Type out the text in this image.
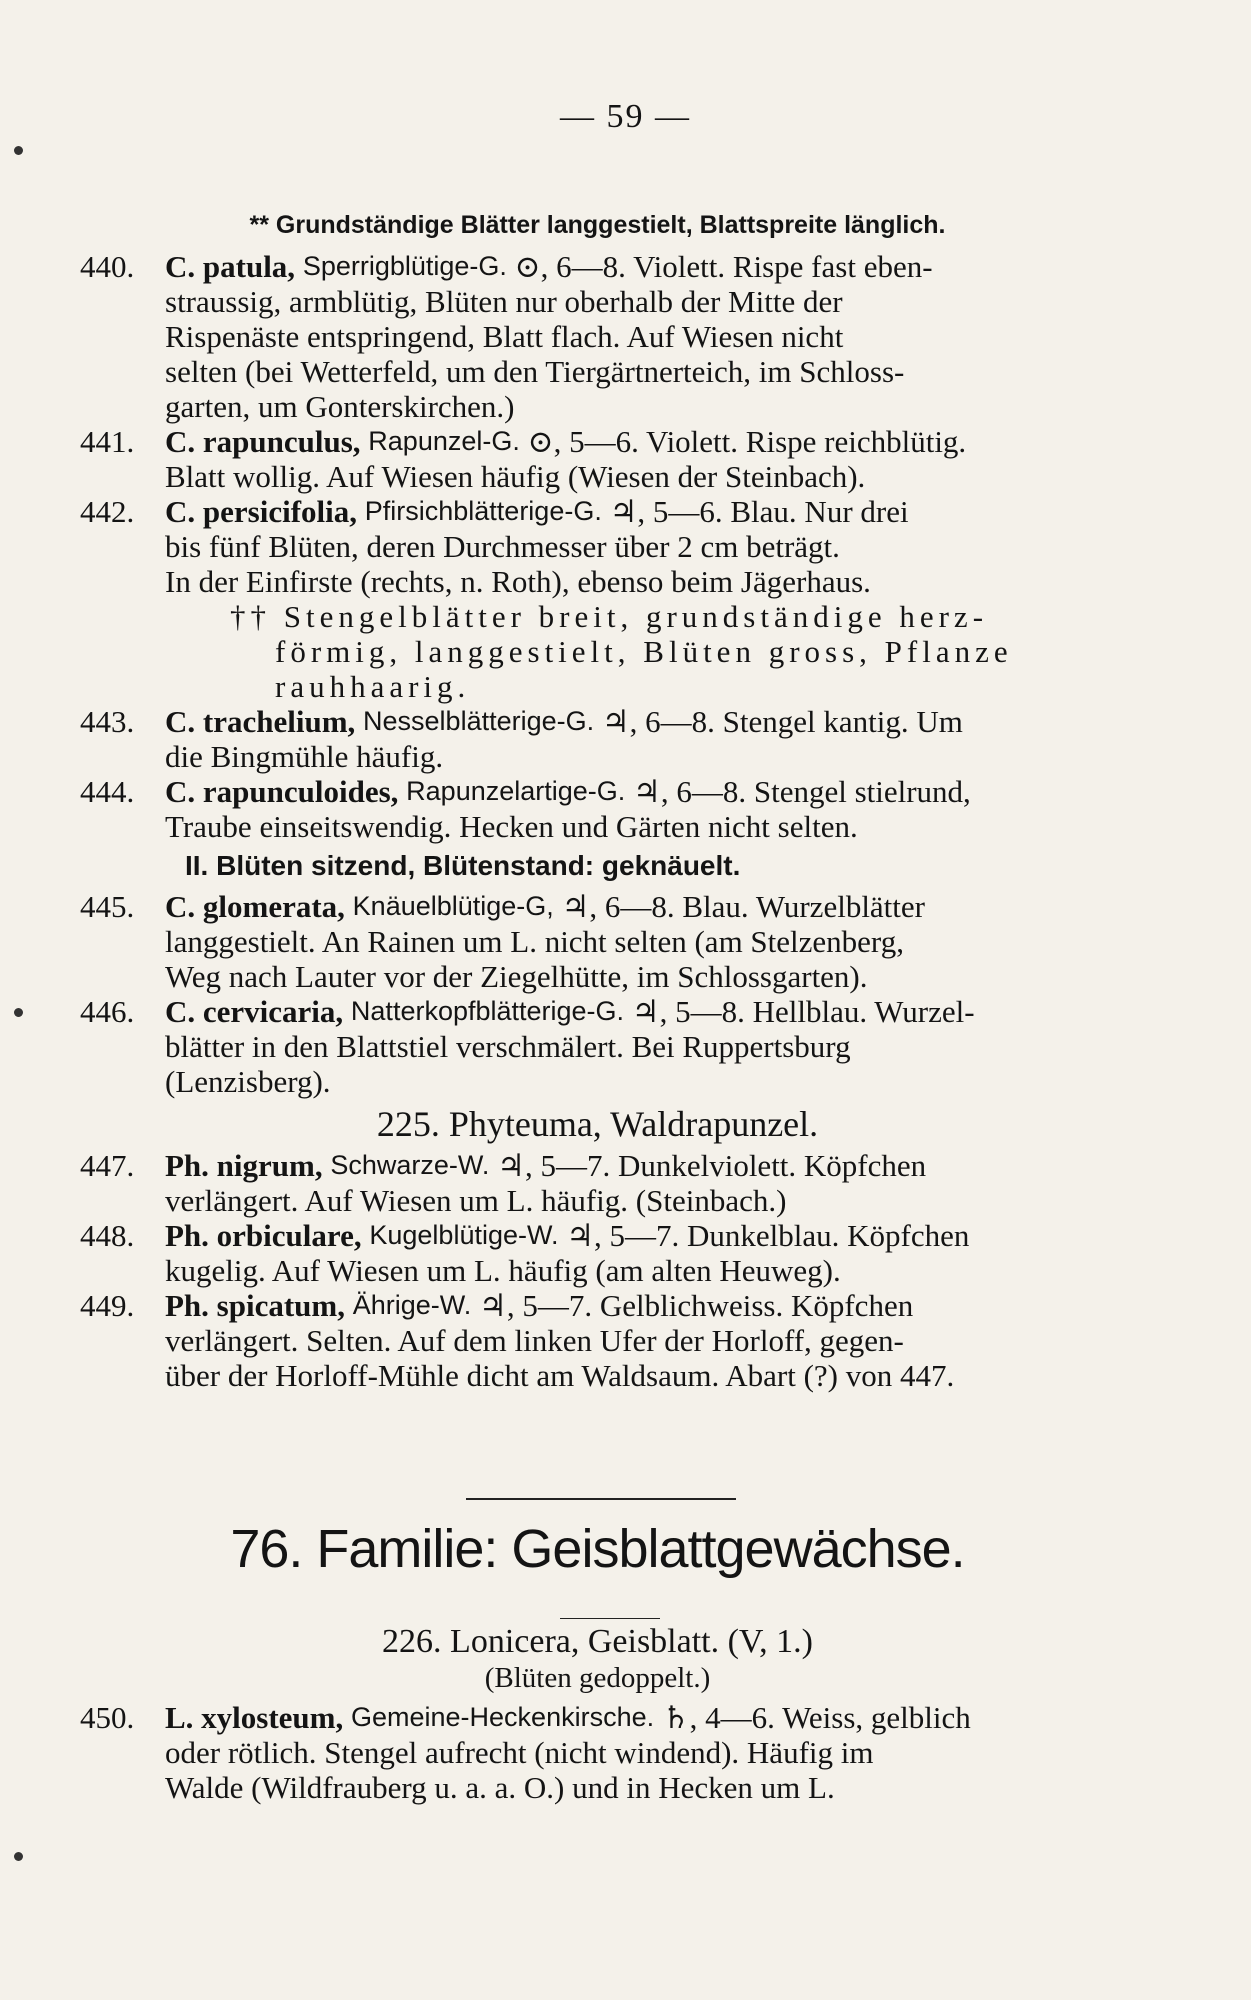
— 59 —
** Grundständige Blätter langgestielt, Blattspreite länglich.
440. C. patula,
Sperrigblütige-G. ⊙, 6—8. Violett. Rispe fast eben-
straussig, armblütig, Blüten nur oberhalb der Mitte der
Rispenäste entspringend, Blatt flach. Auf Wiesen nicht
selten (bei Wetterfeld, um den Tiergärtnerteich, im Schloss-
garten, um Gonterskirchen.)
441. C. rapunculus,
Rapunzel-G. ⊙, 5—6. Violett. Rispe reichblütig.
Blatt wollig. Auf Wiesen häufig (Wiesen der Steinbach).
442. C. persicifolia,
Pfirsichblätterige-G. ♃, 5—6. Blau. Nur drei
bis fünf Blüten, deren Durchmesser über 2 cm beträgt.
In der Einfirste (rechts, n. Roth), ebenso beim Jägerhaus.
†† Stengelblätter breit, grundständige herz-
förmig, langgestielt, Blüten gross, Pflanze
rauhhaarig.
443. C. trachelium,
Nesselblätterige-G. ♃, 6—8. Stengel kantig. Um
die Bingmühle häufig.
444. C. rapunculoides,
Rapunzelartige-G. ♃, 6—8. Stengel stielrund,
Traube einseitswendig. Hecken und Gärten nicht selten.
II. Blüten sitzend, Blütenstand: geknäuelt.
445. C. glomerata,
Knäuelblütige-G, ♃, 6—8. Blau. Wurzelblätter
langgestielt. An Rainen um L. nicht selten (am Stelzenberg,
Weg nach Lauter vor der Ziegelhütte, im Schlossgarten).
446. C. cervicaria,
Natterkopfblätterige-G. ♃, 5—8. Hellblau. Wurzel-
blätter in den Blattstiel verschmälert. Bei Ruppertsburg
(Lenzisberg).
225. Phyteuma, Waldrapunzel.
447. Ph. nigrum,
Schwarze-W. ♃, 5—7. Dunkelviolett. Köpfchen
verlängert. Auf Wiesen um L. häufig. (Steinbach.)
448. Ph. orbiculare,
Kugelblütige-W. ♃, 5—7. Dunkelblau. Köpfchen
kugelig. Auf Wiesen um L. häufig (am alten Heuweg).
449. Ph. spicatum,
Ährige-W. ♃, 5—7. Gelblichweiss. Köpfchen
verlängert. Selten. Auf dem linken Ufer der Horloff, gegen-
über der Horloff-Mühle dicht am Waldsaum. Abart (?) von 447.
76. Familie: Geisblattgewächse.
226. Lonicera, Geisblatt. (V, 1.)
(Blüten gedoppelt.)
450. L. xylosteum,
Gemeine-Heckenkirsche. ♄, 4—6. Weiss, gelblich
oder rötlich. Stengel aufrecht (nicht windend). Häufig im
Walde (Wildfrauberg u. a. a. O.) und in Hecken um L.
